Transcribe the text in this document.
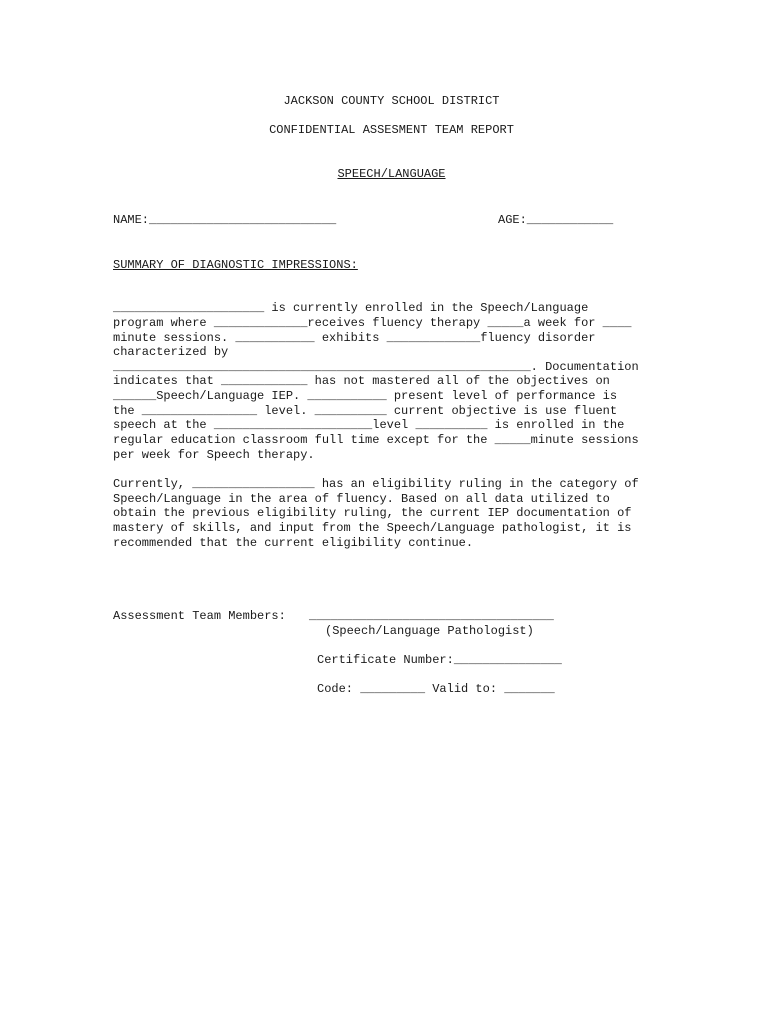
JACKSON COUNTY SCHOOL DISTRICT
CONFIDENTIAL ASSESMENT TEAM REPORT
SPEECH/LANGUAGE
NAME:__________________________	AGE:____________
SUMMARY OF DIAGNOSTIC IMPRESSIONS:
_____________________ is currently enrolled in the Speech/Language
program where _____________receives fluency therapy _____a week for ____
minute sessions. ___________ exhibits _____________fluency disorder
characterized by
__________________________________________________________. Documentation
indicates that ____________ has not mastered all of the objectives on
______Speech/Language IEP. ___________ present level of performance is
the ________________ level. __________ current objective is use fluent
speech at the ______________________level __________ is enrolled in the
regular education classroom full time except for the _____minute sessions
per week for Speech therapy.
Currently, _________________ has an eligibility ruling in the category of
Speech/Language in the area of fluency. Based on all data utilized to
obtain the previous eligibility ruling, the current IEP documentation of
mastery of skills, and input from the Speech/Language pathologist, it is
recommended that the current eligibility continue.
Assessment Team Members: __________________________________
(Speech/Language Pathologist)
Certificate Number:_______________
Code: _________ Valid to: _______
